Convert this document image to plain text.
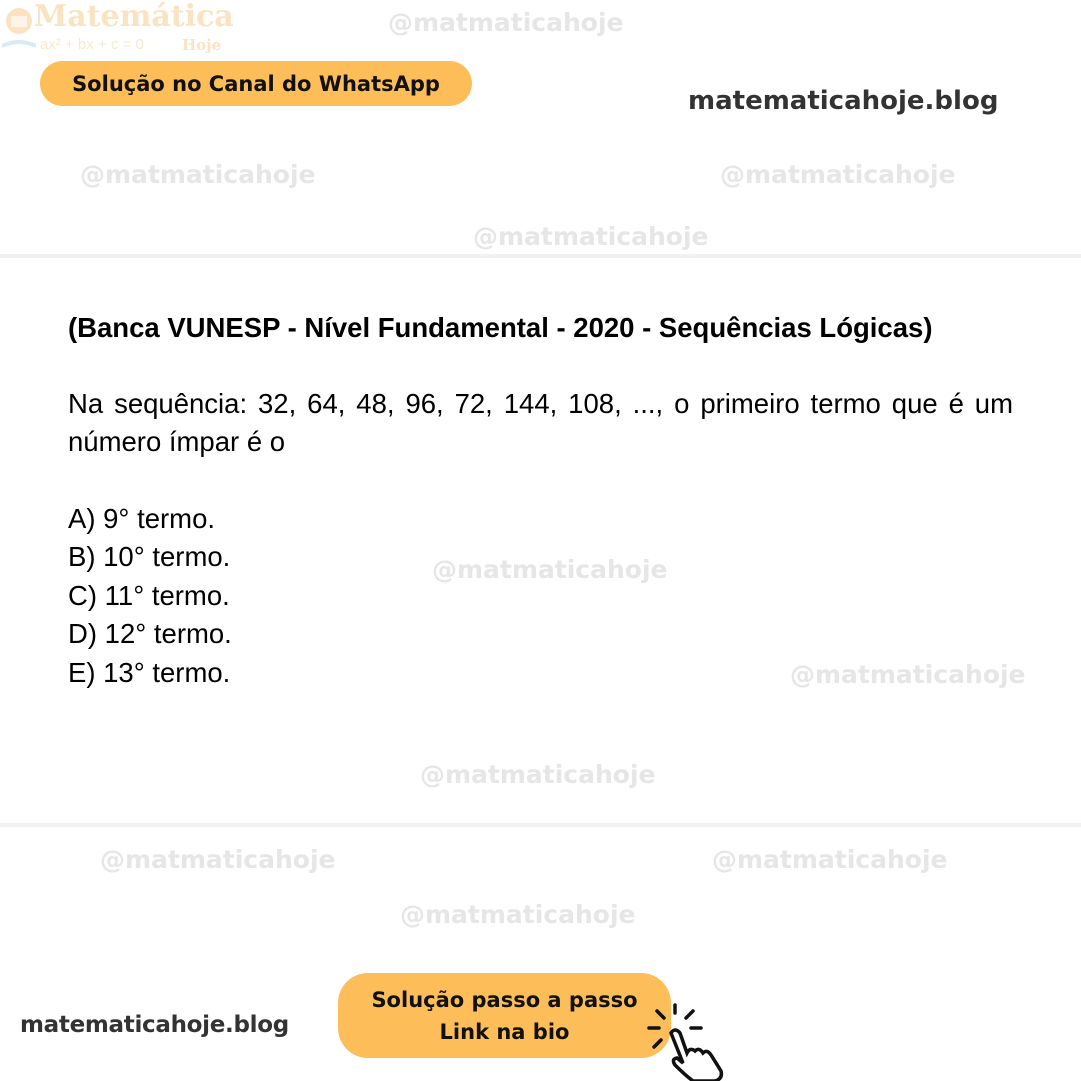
Matemática
ax² + bx + c = 0	Hoje
@matmaticahoje
@matmaticahoje
@matmaticahoje	@matmaticahoje
@matmaticahoje
@matmaticahoje
@matmaticahoje
@matmaticahoje
@matmaticahoje	@matmaticahoje
Solução no Canal do WhatsApp
matematicahoje.blog
(Banca VUNESP - Nível Fundamental - 2020 - Sequências Lógicas)
Na sequência: 32, 64, 48, 96, 72, 144, 108, ..., o primeiro termo que é um número ímpar é o
A) 9° termo.
B) 10° termo.
C) 11° termo.
D) 12° termo.
E) 13° termo.
matematicahoje.blog
Solução passo a passo
Link na bio
